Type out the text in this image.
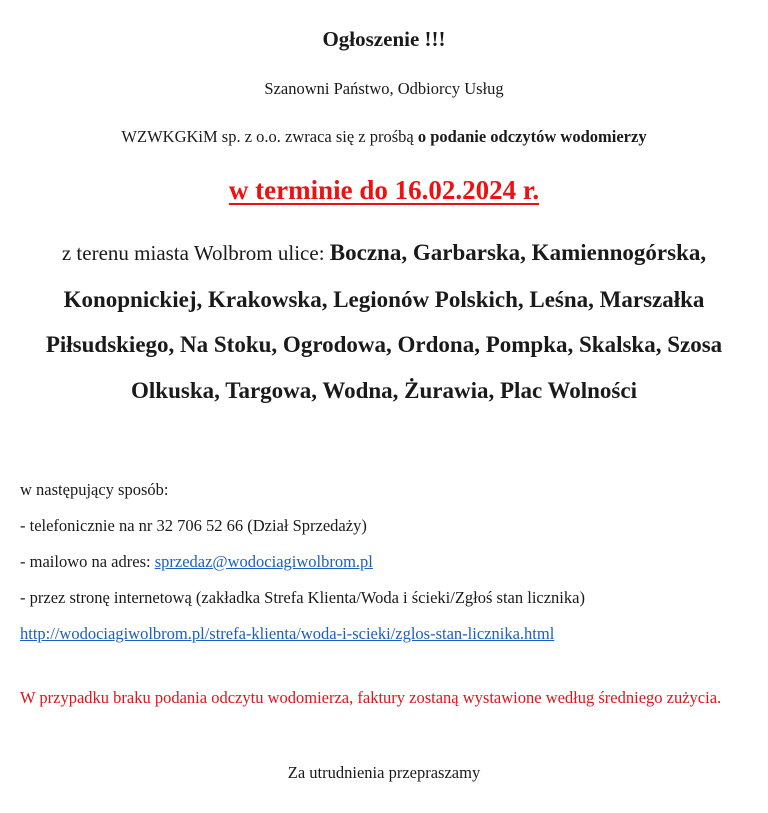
Ogłoszenie !!!
Szanowni Państwo, Odbiorcy Usług
WZWKGKiM sp. z o.o. zwraca się z prośbą o podanie odczytów wodomierzy
w terminie do 16.02.2024 r.
z terenu miasta Wolbrom ulice: Boczna, Garbarska, Kamiennogórska, Konopnickiej, Krakowska, Legionów Polskich, Leśna, Marszałka Piłsudskiego, Na Stoku, Ogrodowa, Ordona, Pompka, Skalska, Szosa Olkuska, Targowa, Wodna, Żurawia, Plac Wolności
w następujący sposób:
- telefonicznie na nr 32 706 52 66 (Dział Sprzedaży)
- mailowo na adres: sprzedaz@wodociagiwolbrom.pl
- przez stronę internetową (zakładka Strefa Klienta/Woda i ścieki/Zgłoś stan licznika)
http://wodociagiwolbrom.pl/strefa-klienta/woda-i-scieki/zglos-stan-licznika.html
W przypadku braku podania odczytu wodomierza, faktury zostaną wystawione według średniego zużycia.
Za utrudnienia przepraszamy
